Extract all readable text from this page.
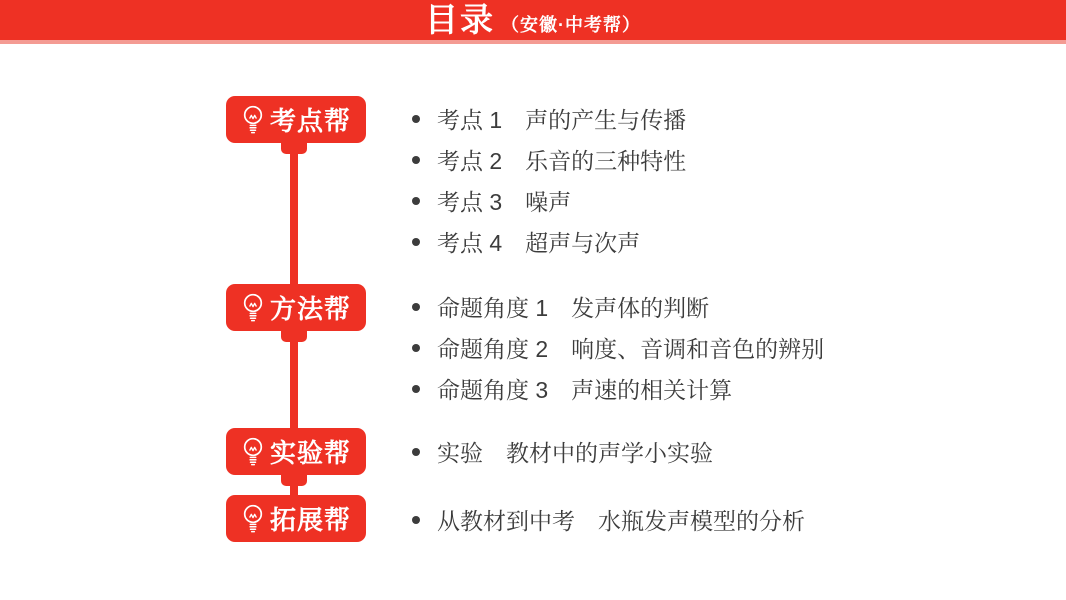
目录 （安徽·中考帮）
考点帮
方法帮
实验帮
拓展帮
考点 1　声的产生与传播
考点 2　乐音的三种特性
考点 3　噪声
考点 4　超声与次声
命题角度 1　发声体的判断
命题角度 2　响度、音调和音色的辨别
命题角度 3　声速的相关计算
实验　教材中的声学小实验
从教材到中考　水瓶发声模型的分析
